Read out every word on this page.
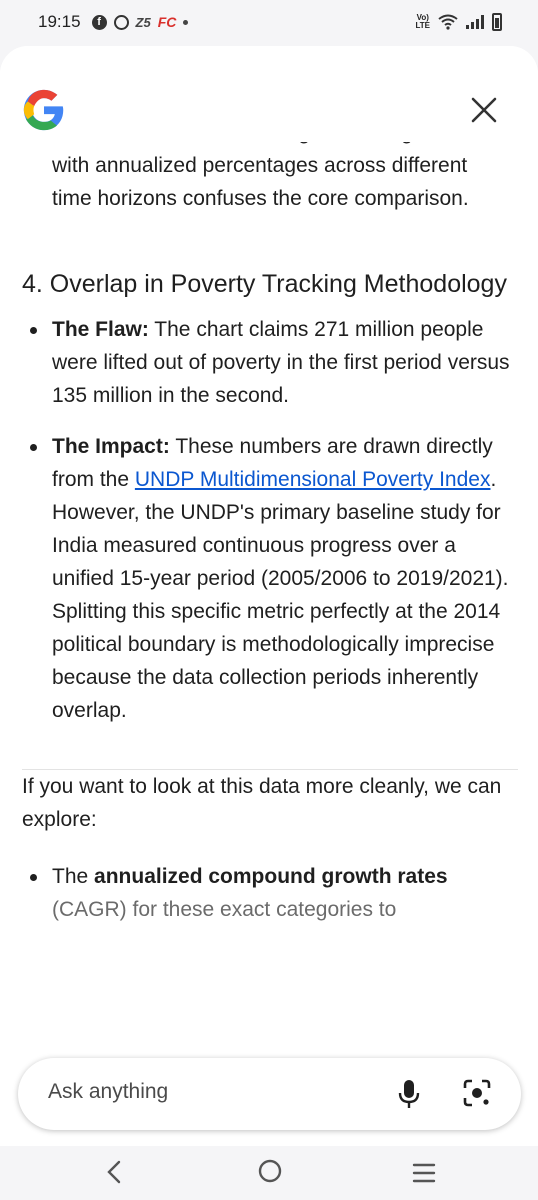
19:15	f	Z5 FC	Vo)
LTE

with annualized percentages across different

time horizons confuses the core comparison.

4. Overlap in Poverty Tracking Methodology
The Flaw: The chart claims 271 million people were lifted out of poverty in the first period versus 135 million in the second.
The Impact: These numbers are drawn directly from the UNDP Multidimensional Poverty Index. However, the UNDP's primary baseline study for India measured continuous progress over a unified 15-year period (2005/2006 to 2019/2021). Splitting this specific metric perfectly at the 2014 political boundary is methodologically imprecise because the data collection periods inherently overlap.

If you want to look at this data more cleanly, we can explore:

The annualized compound growth rates (CAGR) for these exact categories to
Ask anything
